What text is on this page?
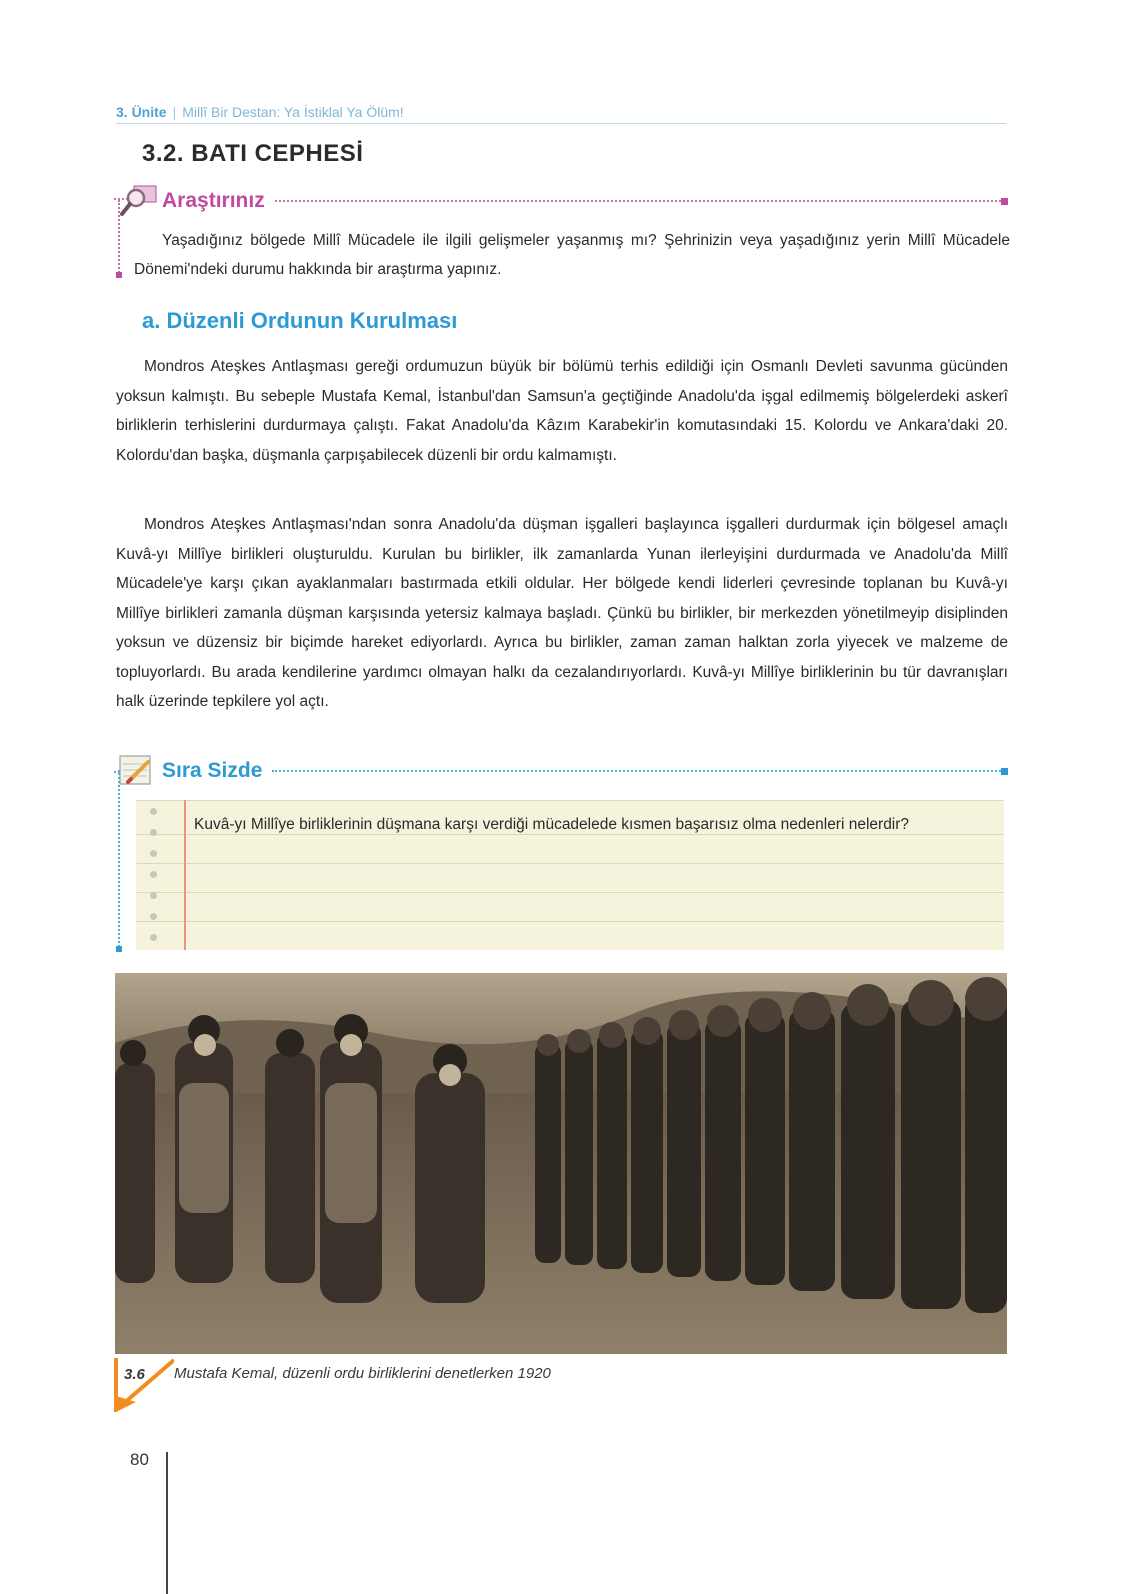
3. Ünite | Millî Bir Destan: Ya İstiklal Ya Ölüm!
3.2. BATI CEPHESİ
Araştırınız
Yaşadığınız bölgede Millî Mücadele ile ilgili gelişmeler yaşanmış mı? Şehrinizin veya yaşadığınız yerin Millî Mücadele Dönemi'ndeki durumu hakkında bir araştırma yapınız.
a. Düzenli Ordunun Kurulması

Mondros Ateşkes Antlaşması gereği ordumuzun büyük bir bölümü terhis edildiği için Osmanlı Devleti savunma gücünden yoksun kalmıştı. Bu sebeple Mustafa Kemal, İstanbul'dan Samsun'a geçtiğinde Anadolu'da işgal edilmemiş bölgelerdeki askerî birliklerin terhislerini durdurmaya çalıştı. Fakat Anadolu'da Kâzım Karabekir'in komutasındaki 15. Kolordu ve Ankara'daki 20. Kolordu'dan başka, düşmanla çarpışabilecek düzenli bir ordu kalmamıştı.

Mondros Ateşkes Antlaşması'ndan sonra Anadolu'da düşman işgalleri başlayınca işgalleri durdurmak için bölgesel amaçlı Kuvâ-yı Millîye birlikleri oluşturuldu. Kurulan bu birlikler, ilk zamanlarda Yunan ilerleyişini durdurmada ve Anadolu'da Millî Mücadele'ye karşı çıkan ayaklanmaları bastırmada etkili oldular. Her bölgede kendi liderleri çevresinde toplanan bu Kuvâ-yı Millîye birlikleri zamanla düşman karşısında yetersiz kalmaya başladı. Çünkü bu birlikler, bir merkezden yönetilmeyip disiplinden yoksun ve düzensiz bir biçimde hareket ediyorlardı. Ayrıca bu birlikler, zaman zaman halktan zorla yiyecek ve malzeme de topluyorlardı. Bu arada kendilerine yardımcı olmayan halkı da cezalandırıyorlardı. Kuvâ-yı Millîye birliklerinin bu tür davranışları halk üzerinde tepkilere yol açtı.

Sıra Sizde
Kuvâ-yı Millîye birliklerinin düşmana karşı verdiği mücadelede kısmen başarısız olma nedenleri nelerdir?
3.6 Mustafa Kemal, düzenli ordu birliklerini denetlerken 1920
80
